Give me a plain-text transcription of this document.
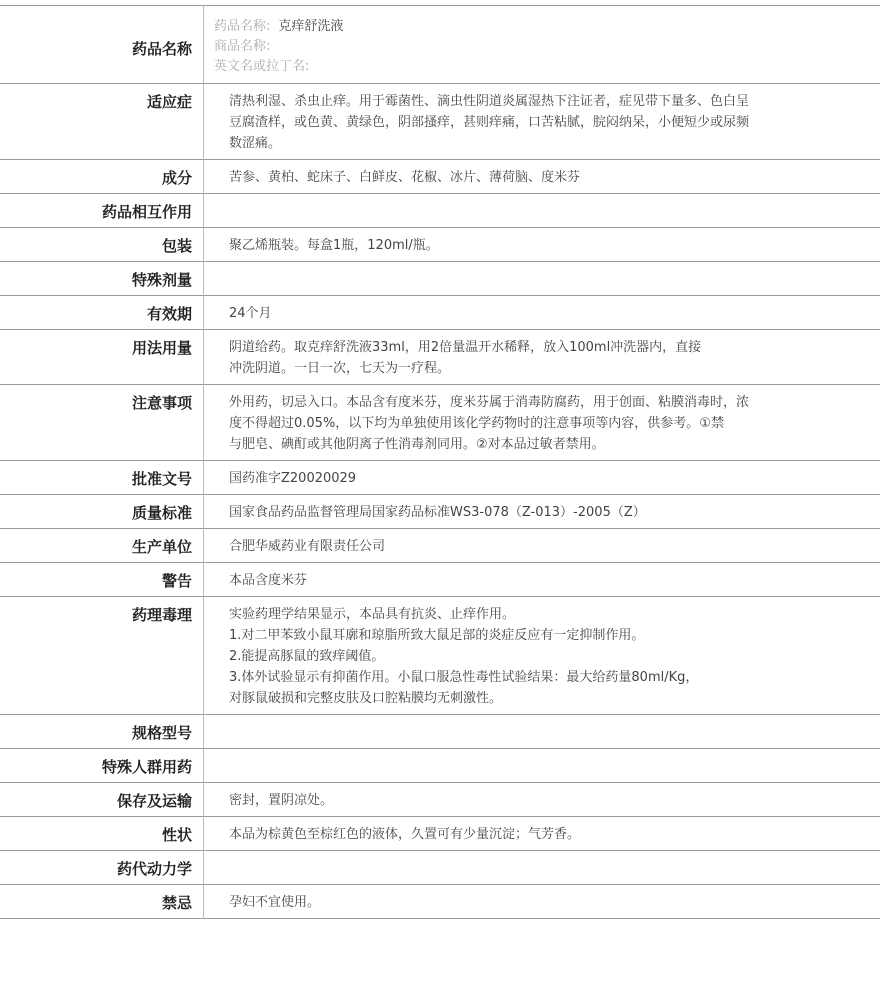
药品名称	药品名称: 克痒舒洗液
商品名称:
英文名或拉丁名:

适应症	清热利湿、杀虫止痒。用于霉菌性、滴虫性阴道炎属湿热下注证者，症见带下量多、色白呈
豆腐渣样，或色黄、黄绿色，阴部搔痒，甚则痒痛，口苦粘腻，脘闷纳呆，小便短少或尿频
数涩痛。

成分	苦参、黄柏、蛇床子、白鲜皮、花椒、冰片、薄荷脑、度米芬

药品相互作用	
包装	聚乙烯瓶装。每盒1瓶，120ml/瓶。

特殊剂量	
有效期	24个月

用法用量	阴道给药。取克痒舒洗液33ml，用2倍量温开水稀释，放入100ml冲洗器内，直接
冲洗阴道。一日一次，七天为一疗程。

注意事项	外用药，切忌入口。本品含有度米芬，度米芬属于消毒防腐药，用于创面、粘膜消毒时，浓
度不得超过0.05%，以下均为单独使用该化学药物时的注意事项等内容，供参考。①禁
与肥皂、碘酊或其他阴离子性消毒剂同用。②对本品过敏者禁用。

批准文号	国药准字Z20020029

质量标准	国家食品药品监督管理局国家药品标准WS3-078（Z-013）-2005（Z）

生产单位	合肥华威药业有限责任公司

警告	本品含度米芬

药理毒理	实验药理学结果显示，本品具有抗炎、止痒作用。
1.对二甲苯致小鼠耳廓和琼脂所致大鼠足部的炎症反应有一定抑制作用。
2.能提高豚鼠的致痒阈值。
3.体外试验显示有抑菌作用。小鼠口服急性毒性试验结果：最大给药量80ml/Kg，
对豚鼠破损和完整皮肤及口腔粘膜均无刺激性。

规格型号	
特殊人群用药	
保存及运输	密封，置阴凉处。

性状	本品为棕黄色至棕红色的液体，久置可有少量沉淀；气芳香。

药代动力学	
禁忌	孕妇不宜使用。
